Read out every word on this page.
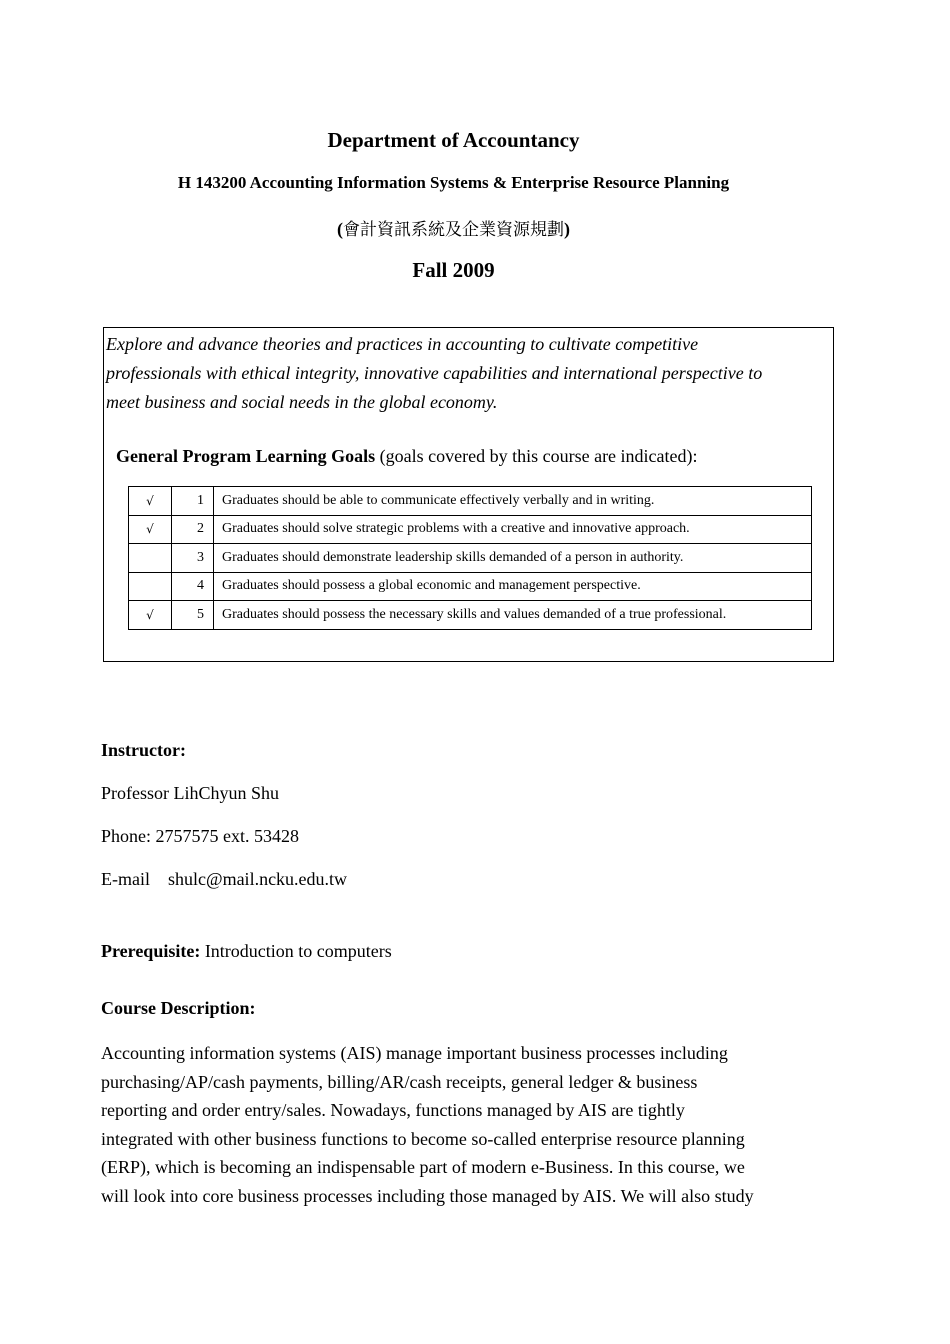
Department of Accountancy
H 143200 Accounting Information Systems & Enterprise Resource Planning
(會計資訊系統及企業資源規劃)
Fall 2009
Explore and advance theories and practices in accounting to cultivate competitive
professionals with ethical integrity, innovative capabilities and international perspective to
meet business and social needs in the global economy.
General Program Learning Goals (goals covered by this course are indicated):
√	1	Graduates should be able to communicate effectively verbally and in writing.
√	2	Graduates should solve strategic problems with a creative and innovative approach.
	3	Graduates should demonstrate leadership skills demanded of a person in authority.
	4	Graduates should possess a global economic and management perspective.
√	5	Graduates should possess the necessary skills and values demanded of a true professional.
Instructor:
Professor LihChyun Shu
Phone: 2757575 ext. 53428
E-mail shulc@mail.ncku.edu.tw
Prerequisite: Introduction to computers
Course Description:
Accounting information systems (AIS) manage important business processes including
purchasing/AP/cash payments, billing/AR/cash receipts, general ledger & business
reporting and order entry/sales. Nowadays, functions managed by AIS are tightly
integrated with other business functions to become so-called enterprise resource planning
(ERP), which is becoming an indispensable part of modern e-Business. In this course, we
will look into core business processes including those managed by AIS. We will also study
